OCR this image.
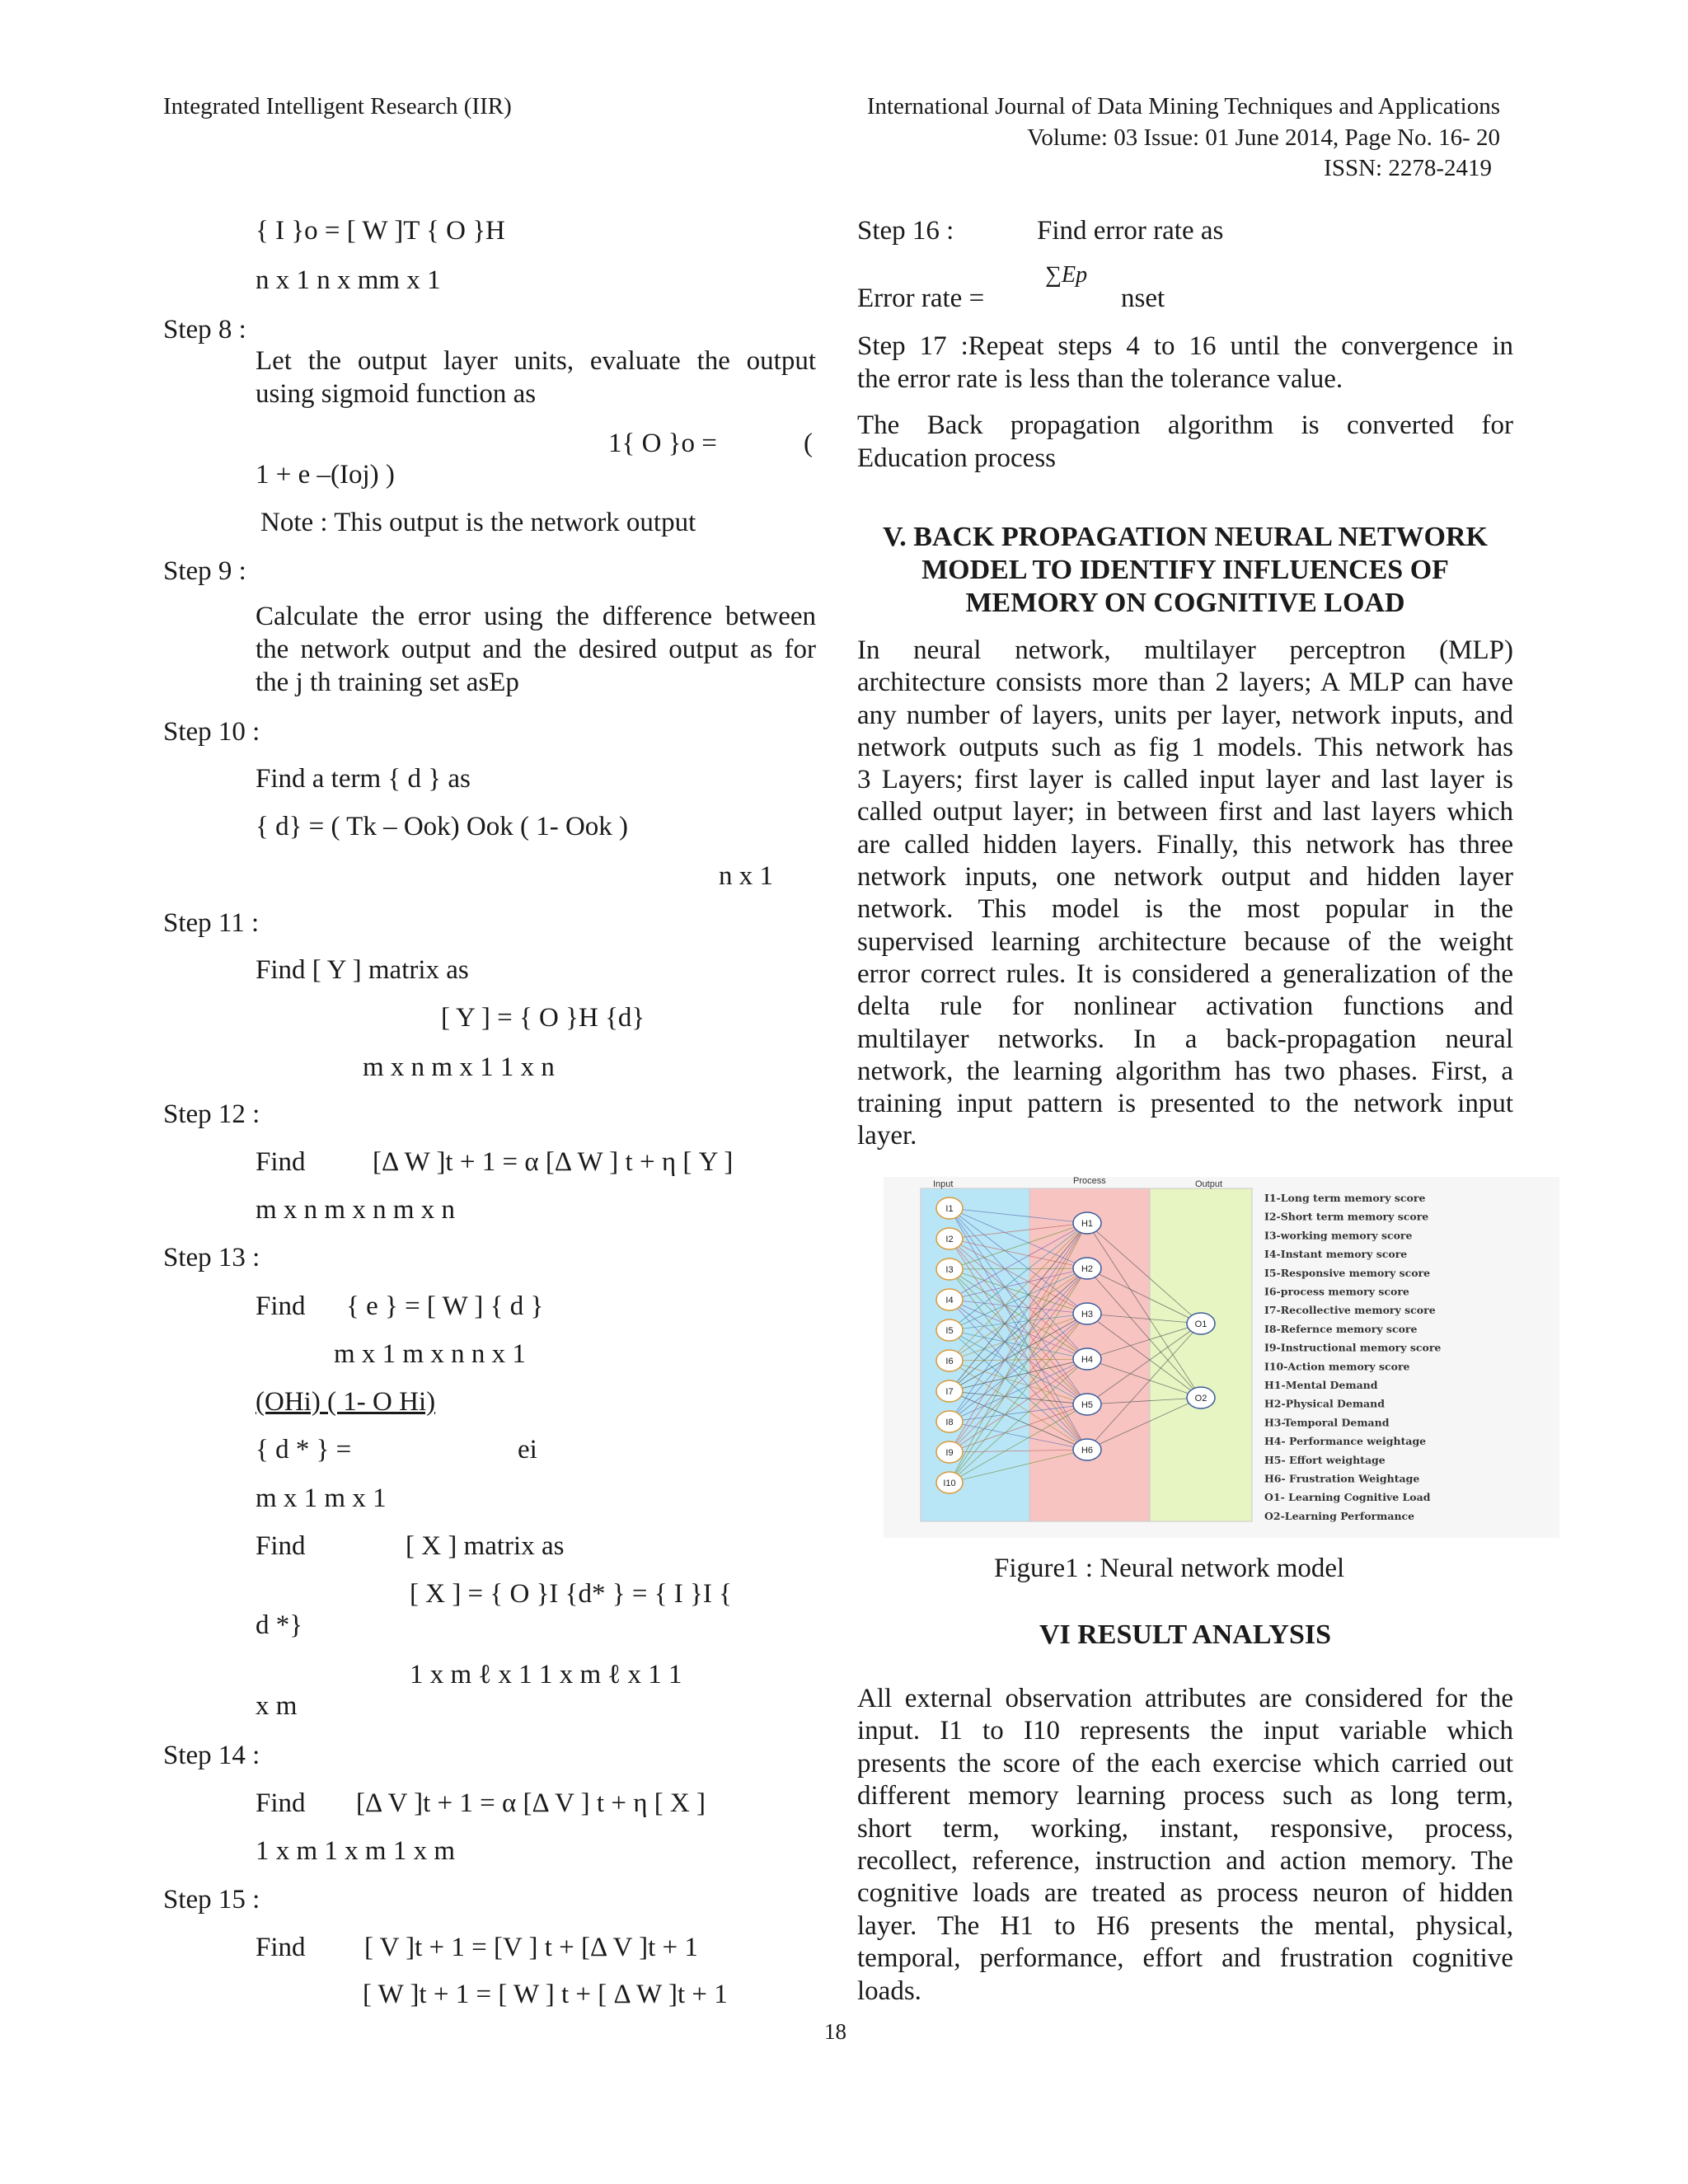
Integrated Intelligent Research (IIR)	International Journal of Data Mining Techniques and Applications
Volume: 03 Issue: 01 June 2014, Page No. 16- 20
ISSN: 2278-2419
{ I }o = [ W ]T { O }H
n x 1 n x mm x 1
Step 8 :
Let the output layer units, evaluate the output
using sigmoid function as
1{ O }o =	(
1 + e –(Ioj) )
Note : This output is the network output
Step 9 :
Calculate the error using the difference between
the network output and the desired output as for
the j th training set asEp
Step 10 :
Find a term { d } as
{ d} = ( Tk – Ook) Ook ( 1- Ook )
n x 1
Step 11 :
Find [ Y ] matrix as
[ Y ] = { O }H {d}
m x n m x 1 1 x n
Step 12 :
Find [Δ W ]t + 1 = α [Δ W ] t + η [ Y ]
m x n m x n m x n
Step 13 :
Find { e } = [ W ] { d }
m x 1 m x n n x 1
(OHi) ( 1- O Hi)
{ d * } =	ei
m x 1 m x 1
Find	[ X ] matrix as
[ X ] = { O }I {d* } = { I }I {
d *}
1 x m ℓ x 1 1 x m ℓ x 1 1
x m
Step 14 :
Find [Δ V ]t + 1 = α [Δ V ] t + η [ X ]
1 x m 1 x m 1 x m
Step 15 :
Find [ V ]t + 1 = [V ] t + [Δ V ]t + 1
[ W ]t + 1 = [ W ] t + [ Δ W ]t + 1
Step 16 :	Find error rate as
Error rate =
∑Ep
nset
Step 17 :Repeat steps 4 to 16 until the convergence in
the error rate is less than the tolerance value.
The Back propagation algorithm is converted for
Education process
V. BACK PROPAGATION NEURAL NETWORK
MODEL TO IDENTIFY INFLUENCES OF
MEMORY ON COGNITIVE LOAD
In neural network, multilayer perceptron (MLP)
architecture consists more than 2 layers; A MLP can have
any number of layers, units per layer, network inputs, and
network outputs such as fig 1 models. This network has
3 Layers; first layer is called input layer and last layer is
called output layer; in between first and last layers which
are called hidden layers. Finally, this network has three
network inputs, one network output and hidden layer
network. This model is the most popular in the
supervised learning architecture because of the weight
error correct rules. It is considered a generalization of the
delta rule for nonlinear activation functions and
multilayer networks. In a back-propagation neural
network, the learning algorithm has two phases. First, a
training input pattern is presented to the network input
layer.
Input	Process	Output
I1
I2
I3
I4
I5
I6
I7
I8
I9
I10
H1
H2
H3
H4
H5
H6
O1
O2
I1-Long term memory score
I2-Short term memory score
I3-working memory score
I4-Instant memory score
I5-Responsive memory score
I6-process memory score
I7-Recollective memory score
I8-Refernce memory score
I9-Instructional memory score
I10-Action memory score
H1-Mental Demand
H2-Physical Demand
H3-Temporal Demand
H4- Performance weightage
H5- Effort weightage
H6- Frustration Weightage
O1- Learning Cognitive Load
O2-Learning Performance
Figure1 : Neural network model
VI RESULT ANALYSIS
All external observation attributes are considered for the
input. I1 to I10 represents the input variable which
presents the score of the each exercise which carried out
different memory learning process such as long term,
short term, working, instant, responsive, process,
recollect, reference, instruction and action memory. The
cognitive loads are treated as process neuron of hidden
layer. The H1 to H6 presents the mental, physical,
temporal, performance, effort and frustration cognitive
loads.
18
